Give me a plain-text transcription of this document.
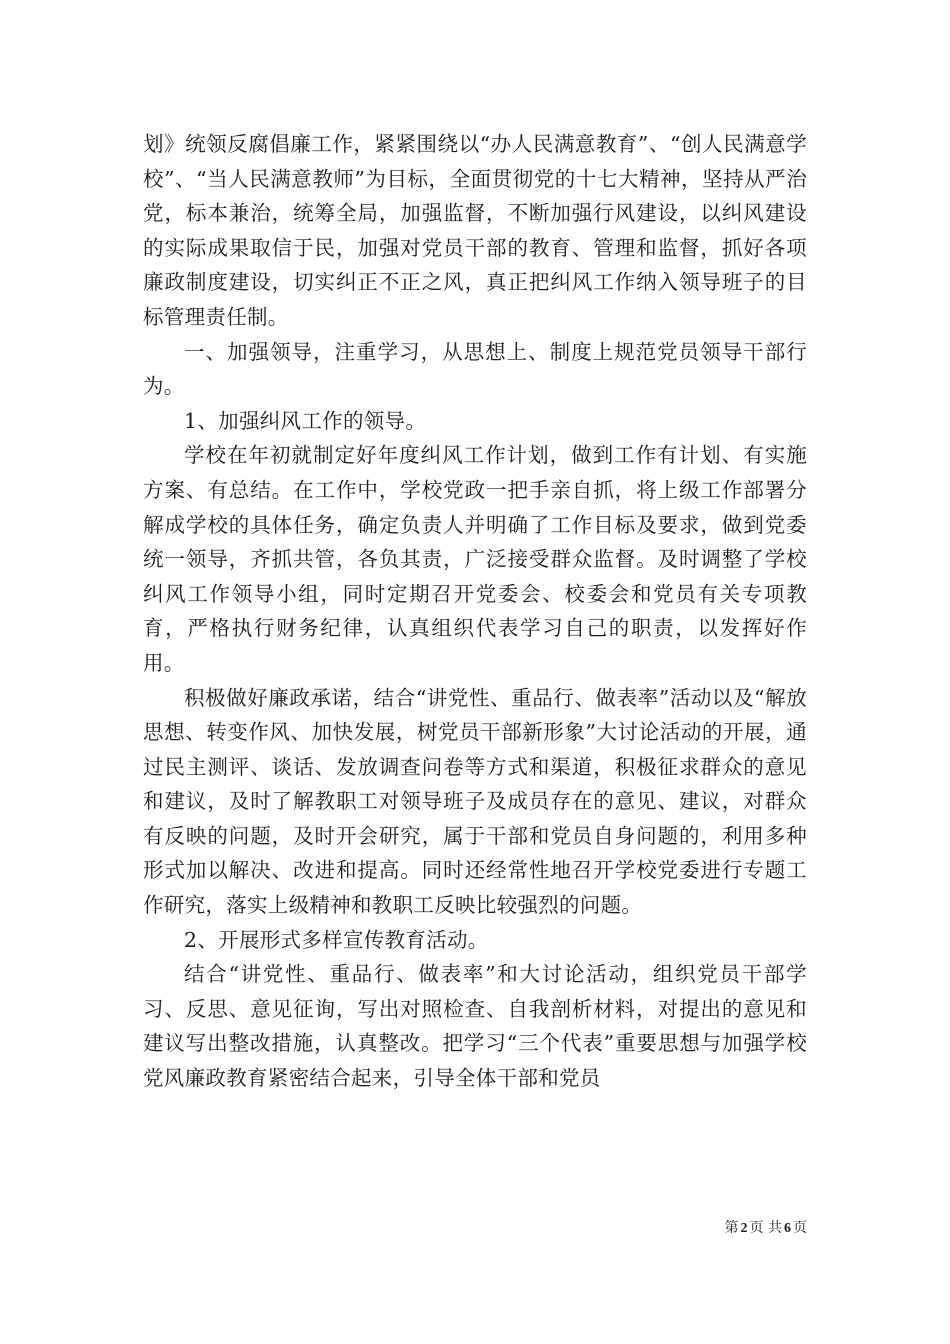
划》统领反腐倡廉工作，紧紧围绕以“办人民满意教育”、“创人民满意学校”、“当人民满意教师”为目标，全面贯彻党的十七大精神，坚持从严治党，标本兼治，统筹全局，加强监督，不断加强行风建设，以纠风建设的实际成果取信于民，加强对党员干部的教育、管理和监督，抓好各项廉政制度建设，切实纠正不正之风，真正把纠风工作纳入领导班子的目标管理责任制。

一、加强领导，注重学习，从思想上、制度上规范党员领导干部行为。

1、加强纠风工作的领导。

学校在年初就制定好年度纠风工作计划，做到工作有计划、有实施方案、有总结。在工作中，学校党政一把手亲自抓，将上级工作部署分解成学校的具体任务，确定负责人并明确了工作目标及要求，做到党委统一领导，齐抓共管，各负其责，广泛接受群众监督。及时调整了学校纠风工作领导小组，同时定期召开党委会、校委会和党员有关专项教育，严格执行财务纪律，认真组织代表学习自己的职责，以发挥好作用。

积极做好廉政承诺，结合“讲党性、重品行、做表率”活动以及“解放思想、转变作风、加快发展，树党员干部新形象”大讨论活动的开展，通过民主测评、谈话、发放调查问卷等方式和渠道，积极征求群众的意见和建议，及时了解教职工对领导班子及成员存在的意见、建议，对群众有反映的问题，及时开会研究，属于干部和党员自身问题的，利用多种形式加以解决、改进和提高。同时还经常性地召开学校党委进行专题工作研究，落实上级精神和教职工反映比较强烈的问题。

2、开展形式多样宣传教育活动。

结合“讲党性、重品行、做表率”和大讨论活动，组织党员干部学习、反思、意见征询，写出对照检查、自我剖析材料，对提出的意见和建议写出整改措施，认真整改。把学习“三个代表”重要思想与加强学校党风廉政教育紧密结合起来，引导全体干部和党员

第 2 页 共 6 页
